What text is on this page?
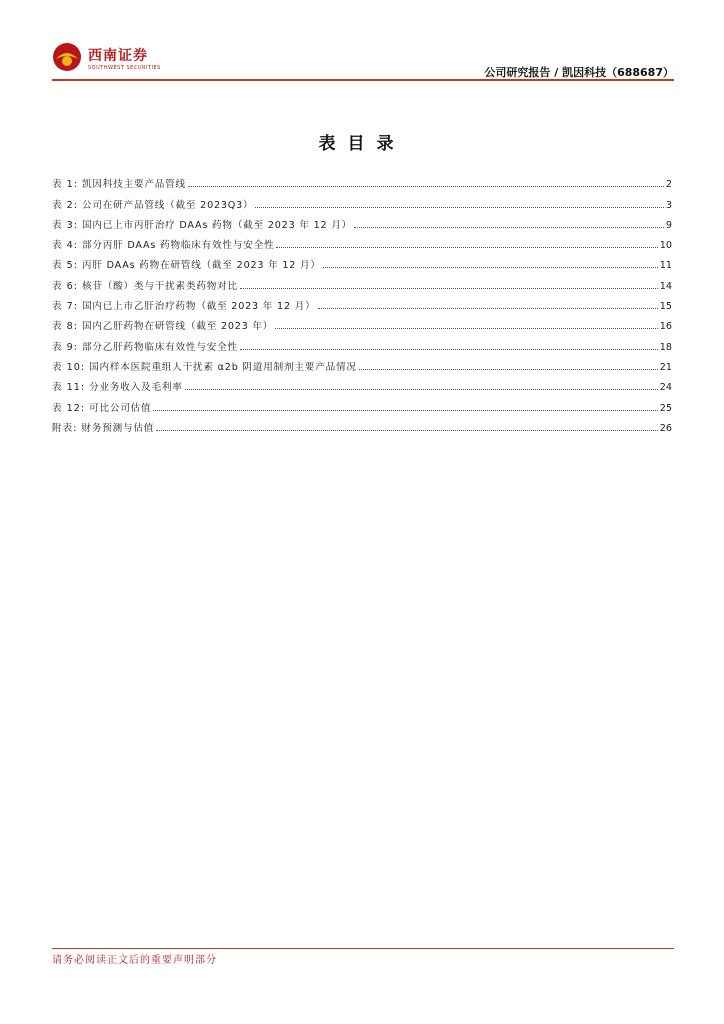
西南证券
SOUTHWEST SECURITIES	公司研究报告 / 凯因科技（688687）
表目录
表 1: 凯因科技主要产品管线	2
表 2: 公司在研产品管线（截至 2023Q3）	3
表 3: 国内已上市丙肝治疗 DAAs 药物（截至 2023 年 12 月）	9
表 4: 部分丙肝 DAAs 药物临床有效性与安全性	10
表 5: 丙肝 DAAs 药物在研管线（截至 2023 年 12 月）	11
表 6: 核苷（酸）类与干扰素类药物对比	14
表 7: 国内已上市乙肝治疗药物（截至 2023 年 12 月）	15
表 8: 国内乙肝药物在研管线（截至 2023 年）	16
表 9: 部分乙肝药物临床有效性与安全性	18
表 10: 国内样本医院重组人干扰素 α2b 阴道用制剂主要产品情况	21
表 11: 分业务收入及毛利率	24
表 12: 可比公司估值	25
附表: 财务预测与估值	26
请务必阅读正文后的重要声明部分
